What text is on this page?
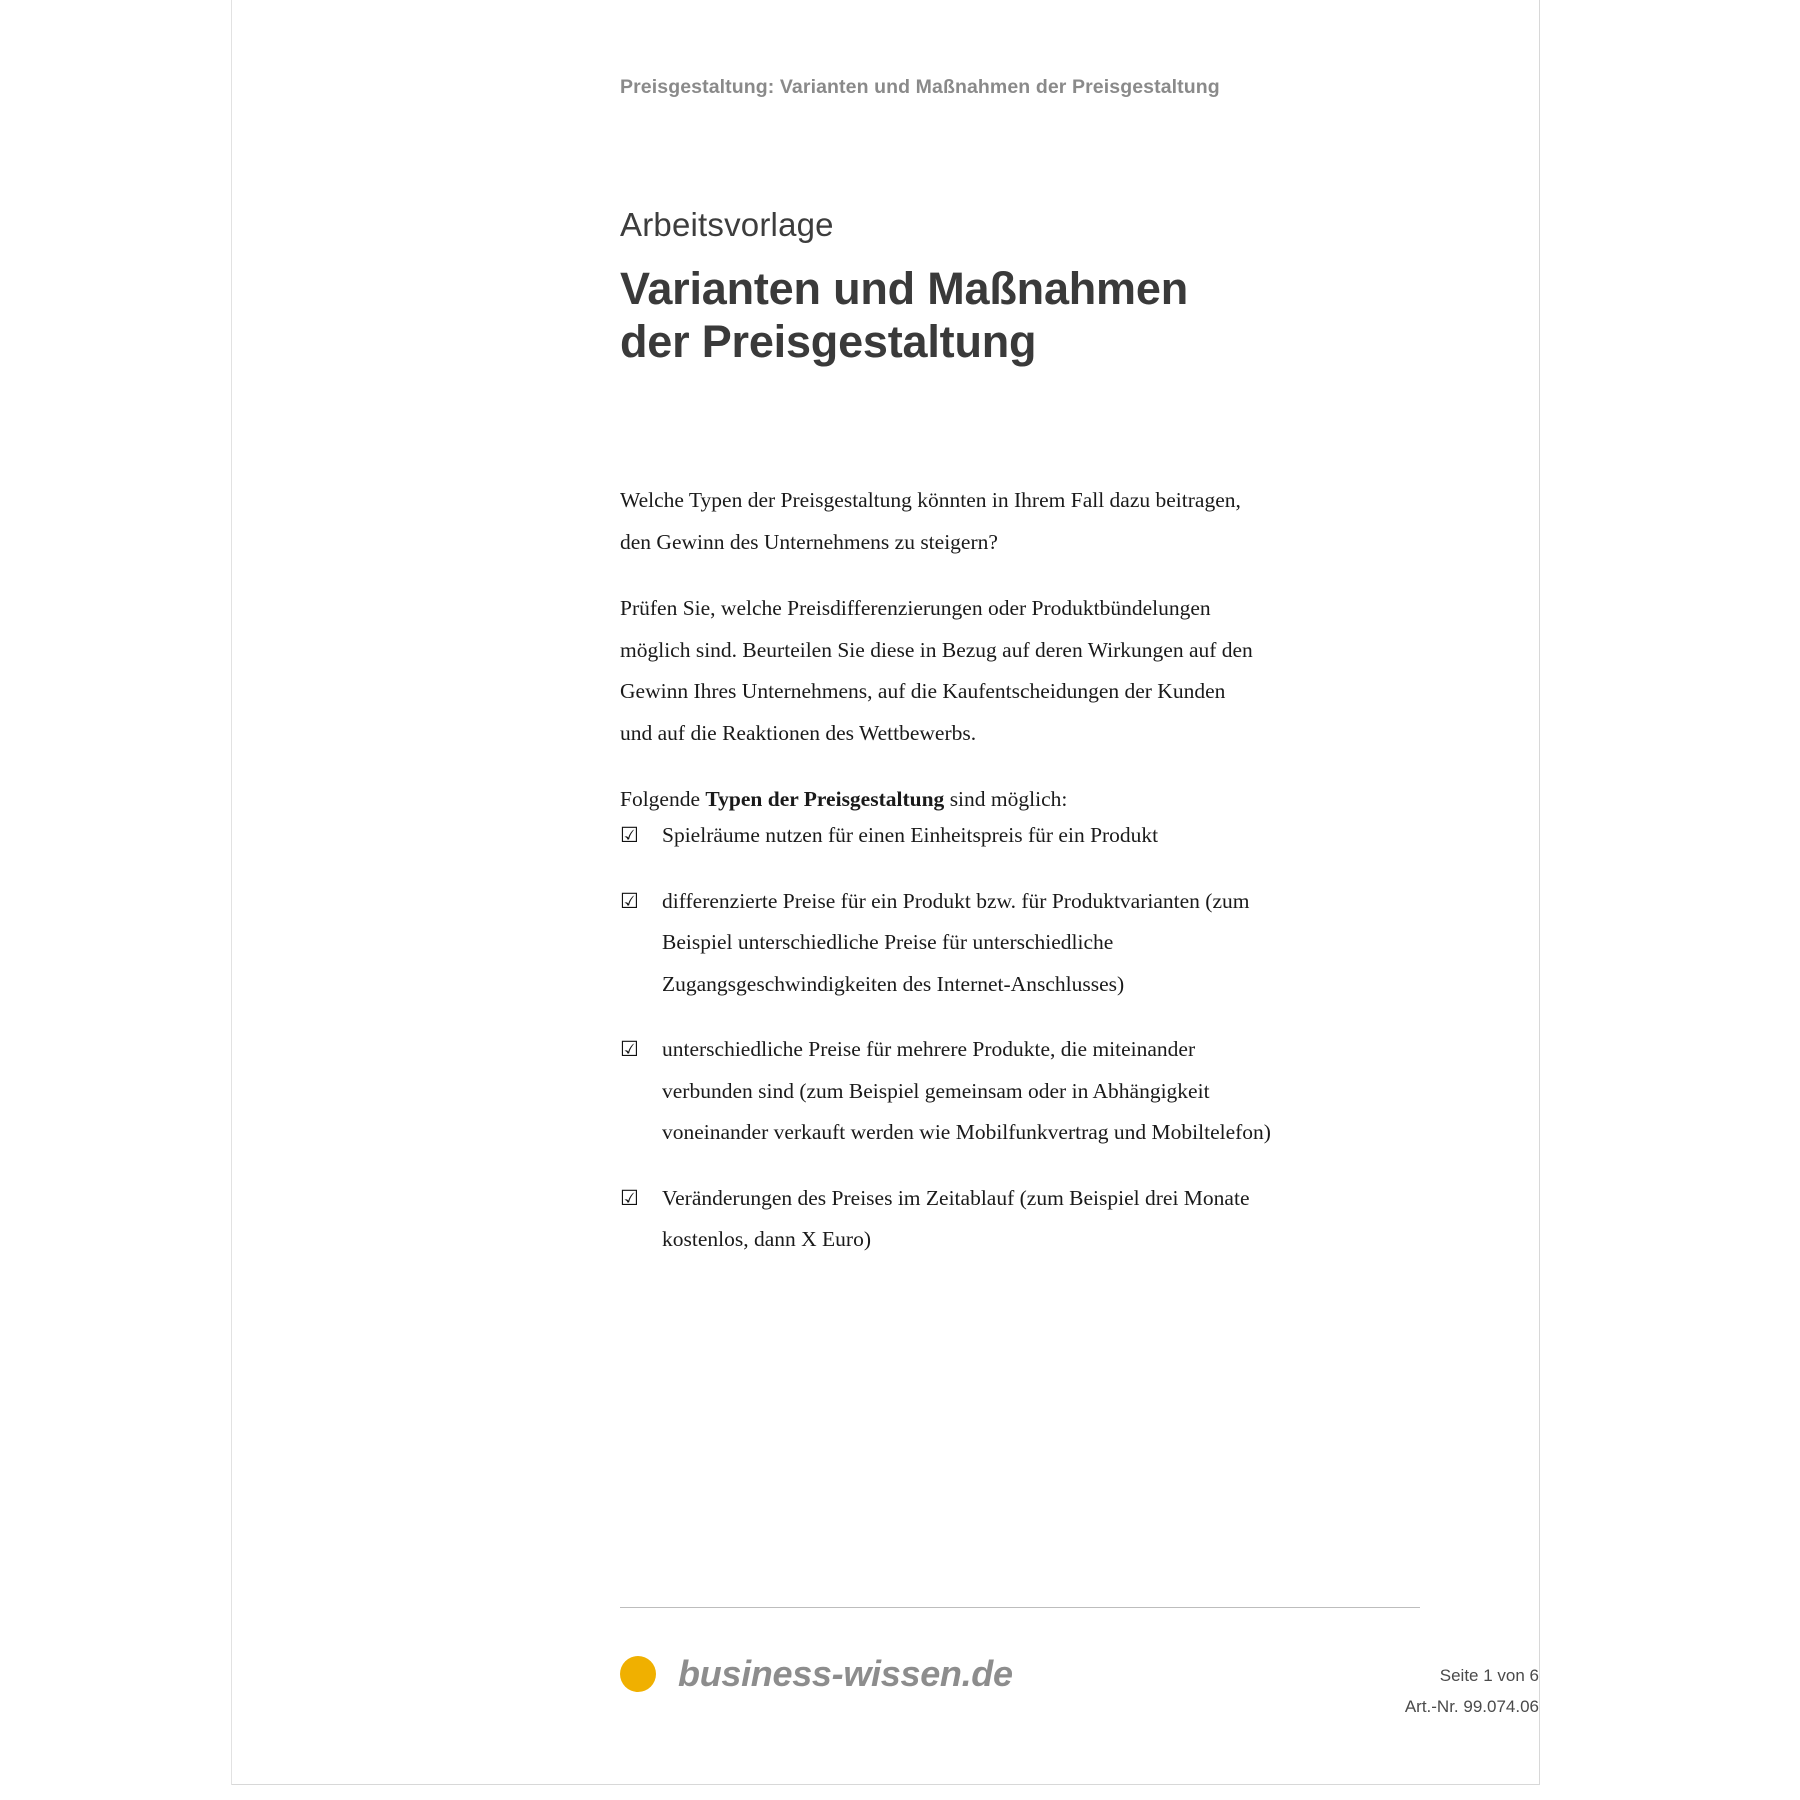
Preisgestaltung: Varianten und Maßnahmen der Preisgestaltung
Arbeitsvorlage
Varianten und Maßnahmen
der Preisgestaltung

Welche Typen der Preisgestaltung könnten in Ihrem Fall dazu beitragen, den Gewinn des Unternehmens zu steigern?

Prüfen Sie, welche Preisdifferenzierungen oder Produktbündelungen möglich sind. Beurteilen Sie diese in Bezug auf deren Wirkungen auf den Gewinn Ihres Unternehmens, auf die Kaufentscheidungen der Kunden und auf die Reaktionen des Wettbewerbs.

Folgende Typen der Preisgestaltung sind möglich:

☑	Spielräume nutzen für einen Einheitspreis für ein Produkt
☑	differenzierte Preise für ein Produkt bzw. für Produktvarianten (zum Beispiel unterschiedliche Preise für unterschiedliche Zugangsgeschwindigkeiten des Internet-Anschlusses)
☑	unterschiedliche Preise für mehrere Produkte, die miteinander verbunden sind (zum Beispiel gemeinsam oder in Abhängigkeit voneinander verkauft werden wie Mobilfunkvertrag und Mobiltelefon)
☑	Veränderungen des Preises im Zeitablauf (zum Beispiel drei Monate kostenlos, dann X Euro)
business-wissen.de	Seite 1 von 6
Art.-Nr. 99.074.06
